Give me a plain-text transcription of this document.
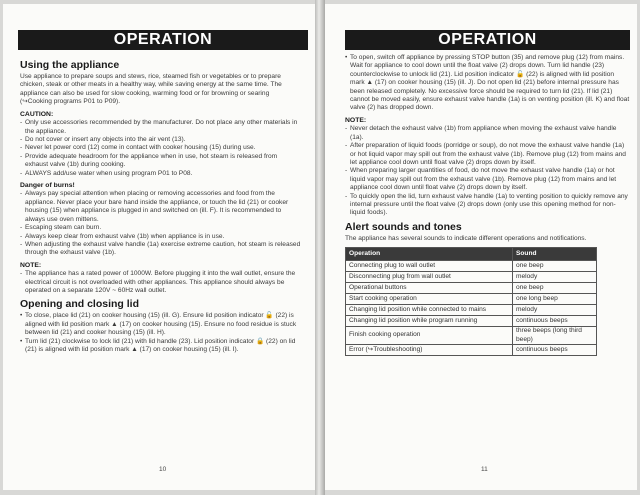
OPERATION
Using the appliance

Use appliance to prepare soups and stews, rice, steamed fish or vegetables or to prepare chicken, steak or other meats in a healthy way, while saving energy at the same time. The appliance can also be used for slow cooking, warming food or for browning or searing (↪Cooking programs P01 to P09).

CAUTION:
- Only use accessories recommended by the manufacturer. Do not place any other materials in the appliance.
- Do not cover or insert any objects into the air vent (13).
- Never let power cord (12) come in contact with cooker housing (15) during use.
- Provide adequate headroom for the appliance when in use, hot steam is released from exhaust valve (1b) during cooking.
- ALWAYS add/use water when using program P01 to P08.
Danger of burns!
- Always pay special attention when placing or removing accessories and food from the appliance. Never place your bare hand inside the appliance, or touch the lid (21) or cooker housing (15) when appliance is plugged in and switched on (ill. F). It is recommended to always use oven mittens.
- Escaping steam can burn.
- Always keep clear from exhaust valve (1b) when appliance is in use.
- When adjusting the exhaust valve handle (1a) exercise extreme caution, hot steam is released through the exhaust valve (1b).
NOTE:
- The appliance has a rated power of 1000W. Before plugging it into the wall outlet, ensure the electrical circuit is not overloaded with other appliances. This appliance should always be operated on a separate 120V ~ 60Hz wall outlet.
Opening and closing lid
• To close, place lid (21) on cooker housing (15) (ill. G). Ensure lid position indicator 🔓 (22) is aligned with lid position mark ▲ (17) on cooker housing (15). Ensure no food residue is stuck between lid (21) and cooker housing (15) (ill. H).
• Turn lid (21) clockwise to lock lid (21) with lid handle (23). Lid position indicator 🔒 (22) on lid (21) is aligned with lid position mark ▲ (17) on cooker housing (15) (ill. I).
10
OPERATION
• To open, switch off appliance by pressing STOP button (35) and remove plug (12) from mains. Wait for appliance to cool down until the float valve (2) drops down. Turn lid handle (23) counterclockwise to unlock lid (21). Lid position indicator 🔓 (22) is aligned with lid position mark ▲ (17) on cooker housing (15) (ill. J). Do not open lid (21) before internal pressure has been released completely. No excessive force should be required to turn lid (21). If lid (21) cannot be moved easily, ensure exhaust valve handle (1a) is on venting position (ill. K) and float valve (2) has dropped down.
NOTE:
- Never detach the exhaust valve (1b) from appliance when moving the exhaust valve handle (1a).
- After preparation of liquid foods (porridge or soup), do not move the exhaust valve handle (1a) or hot liquid vapor may spill out from the exhaust valve (1b). Remove plug (12) from mains and let appliance cool down until float valve (2) drops down by itself.
- When preparing larger quantities of food, do not move the exhaust valve handle (1a) or hot liquid vapor may spill out from the exhaust valve (1b). Remove plug (12) from mains and let appliance cool down until float valve (2) drops down by itself.
- To quickly open the lid, turn exhaust valve handle (1a) to venting position to quickly remove any internal pressure until the float valve (2) drops down (only use this opening method for non-liquid foods).
Alert sounds and tones

The appliance has several sounds to indicate different operations and notifications.

Operation	Sound
Connecting plug to wall outlet	one beep
Disconnecting plug from wall outlet	melody
Operational buttons	one beep
Start cooking operation	one long beep
Changing lid position while connected to mains	melody
Changing lid position while program running	continuous beeps
Finish cooking operation	three beeps (long third beep)
Error (↪Troubleshooting)	continuous beeps
11
